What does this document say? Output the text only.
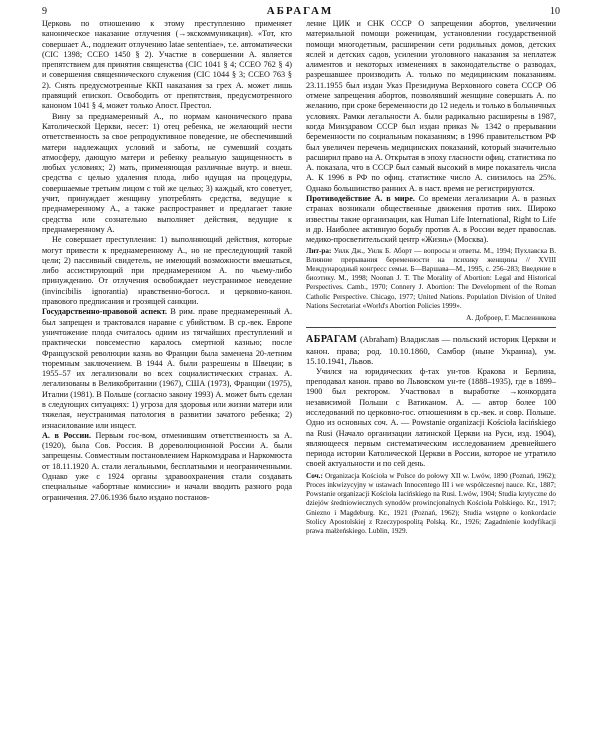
9	АБРАГАМ	10

Церковь по отношению к этому преступлению применяет каноническое наказание отлучения (→экскоммуникация). «Тот, кто совершает А., подлежит отлучению latae sententiae», т.е. автоматически (CIC 1398; CCEO 1450 § 2). Участие в совершении А. является препятствием для принятия священства (CIC 1041 § 4; CCEO 762 § 4) и совершения священнического служения (CIC 1044 § 3; CCEO 763 § 2). Снять предусмотренные ККП наказания за грех А. может лишь правящий епископ. Освободить от препятствия, предусмотренного каноном 1041 § 4, может только Апост. Престол.

Вину за преднамеренный А., по нормам канонического права Католической Церкви, несет: 1) отец ребенка, не желающий нести ответственность за свое репродуктивное поведение, не обеспечивший матери надлежащих условий и заботы, не сумевший создать атмосферу, дающую матери и ребенку реальную защищенность в любых условиях; 2) мать, применяющая различные внутр. и внеш. средства с целью удаления плода, либо идущая на процедуры, совершаемые третьим лицом с той же целью; 3) каждый, кто советует, учит, принуждает женщину употреблять средства, ведущие к преднамеренному А., а также распространяет и предлагает такие средства или сознательно выполняет действия, ведущие к преднамеренному А.

Не совершает преступления: 1) выполняющий действия, которые могут привести к преднамеренному А., но не преследующий такой цели; 2) пассивный свидетель, не имеющий возможности вмешаться, либо ассистирующий при преднамеренном А. по чьему-либо принуждению. От отлучения освобождает неустранимое неведение (invincibilis ignorantia) нравственно-богосл. и церковно-канон. правового предписания и грозящей санкции.

Государственно-правовой аспект. В рим. праве преднамеренный А. был запрещен и трактовался наравне с убийством. В ср.-век. Европе уничтожение плода считалось одним из тягчайших преступлений и практически повсеместно каралось смертной казнью; после Французской революции казнь во Франции была заменена 20-летним тюремным заключением. В 1944 А. были разрешены в Швеции; в 1955–57 их легализовали во всех социалистических странах. А. легализованы в Великобритании (1967), США (1973), Франции (1975), Италии (1981). В Польше (согласно закону 1993) А. может быть сделан в следующих ситуациях: 1) угроза для здоровья или жизни матери или тяжелая, неустранимая патология в развитии зачатого ребенка; 2) изнасилование или инцест.

А. в России. Первым гос-вом, отменившим ответственность за А. (1920), была Сов. Россия. В дореволюционной России А. были запрещены. Совместным постановлением Наркомздрава и Наркомюста от 18.11.1920 А. стали легальными, бесплатными и неограниченными. Однако уже с 1924 органы здравоохранения стали создавать специальные «абортные комиссии» и начали вводить разного рода ограничения. 27.06.1936 было издано постанов-

ление ЦИК и СНК СССР О запрещении абортов, увеличении материальной помощи роженицам, установлении государственной помощи многодетным, расширении сети родильных домов, детских яслей и детских садов, усилении уголовного наказания за неплатеж алиментов и некоторых изменениях в законодательстве о разводах, разрешавшее производить А. только по медицинским показаниям. 23.11.1955 был издан Указ Президиума Верховного совета СССР Об отмене запрещения абортов, позволявший женщине совершать А. по желанию, при сроке беременности до 12 недель и только в больничных условиях. Рамки легальности А. были радикально расширены в 1987, когда Минздравом СССР был издан приказ № 1342 о прерывании беременности по социальным показаниям; в 1996 правительством РФ был увеличен перечень медицинских показаний, который значительно расширил право на А. Открытая в эпоху гласности офиц. статистика по А. показала, что в СССР был самый высокий в мире показатель числа А. К 1996 в РФ по офиц. статистике число А. снизилось на 25%. Однако большинство ранних А. в наст. время не регистрируются.

Противодействие А. в мире. Со времени легализации А. в разных странах возникали общественные движения против них. Широко известны такие организации, как Human Life International, Right to Life и др. Наиболее активную борьбу против А. в России ведет православ. медико-просветительский центр «Жизнь» (Москва).

Лит-ра: Уилк Дж., Уилк Б. Аборт — вопросы и ответы. М., 1994; Пухлавска В. Влияние прерывания беременности на психику женщины // XVIII Международный конгресс семьи. Б—Варшава—М., 1995, с. 256–283; Введение в биоэтику. М., 1998; Noonan J. T. The Morality of Abortion: Legal and Historical Perspectives. Camb., 1970; Connery J. Abortion: The Development of the Roman Catholic Perspective. Chicago, 1977; United Nations. Population Division of United Nations Secretariat «World's Abortion Policies 1999».

А. Доброер, Г. Масленникова

АБРАГАМ (Abraham) Владислав — польский историк Церкви и канон. права; род. 10.10.1860, Самбор (ныне Украина), ум. 15.10.1941, Львов.

Учился на юридических ф-тах ун-тов Кракова и Берлина, преподавал канон. право во Львовском ун-те (1888–1935), где в 1899–1900 был ректором. Участвовал в выработке →конкордата независимой Польши с Ватиканом. А. — автор более 100 исследований по церковно-гос. отношениям в ср.-век. и совр. Польше. Одно из основных соч. А. — Powstanie organizacji Kościoła łacińskiego na Rusi (Начало организации латинской Церкви на Руси, изд. 1904), являющееся первым систематическим исследованием древнейшего периода истории Католической Церкви в России, которое не утратило своей актуальности и по сей день.

Соч.: Organizacja Kościoła w Polsce do połowy XII w. Lwów, 1890 (Poznań, 1962); Proces inkwizycyjny w ustawach Innocentego III i we współczesnej nauce. Kr., 1887; Powstanie organizacji Kościoła łacińskiego na Rusi. Lwów, 1904; Studia krytyczne do dziejów średniowiecznych synodów prowincjonalnych Kościoła Polskiego. Kr., 1917; Gniezno i Magdeburg. Kr., 1921 (Poznań, 1962); Studia wstępne o konkordacie Stolicy Apostolskiej z Rzeczypospolitą Polską. Kr., 1926; Zagadnienie kodyfikacji prawa małżeńskiego. Lublin, 1929.
